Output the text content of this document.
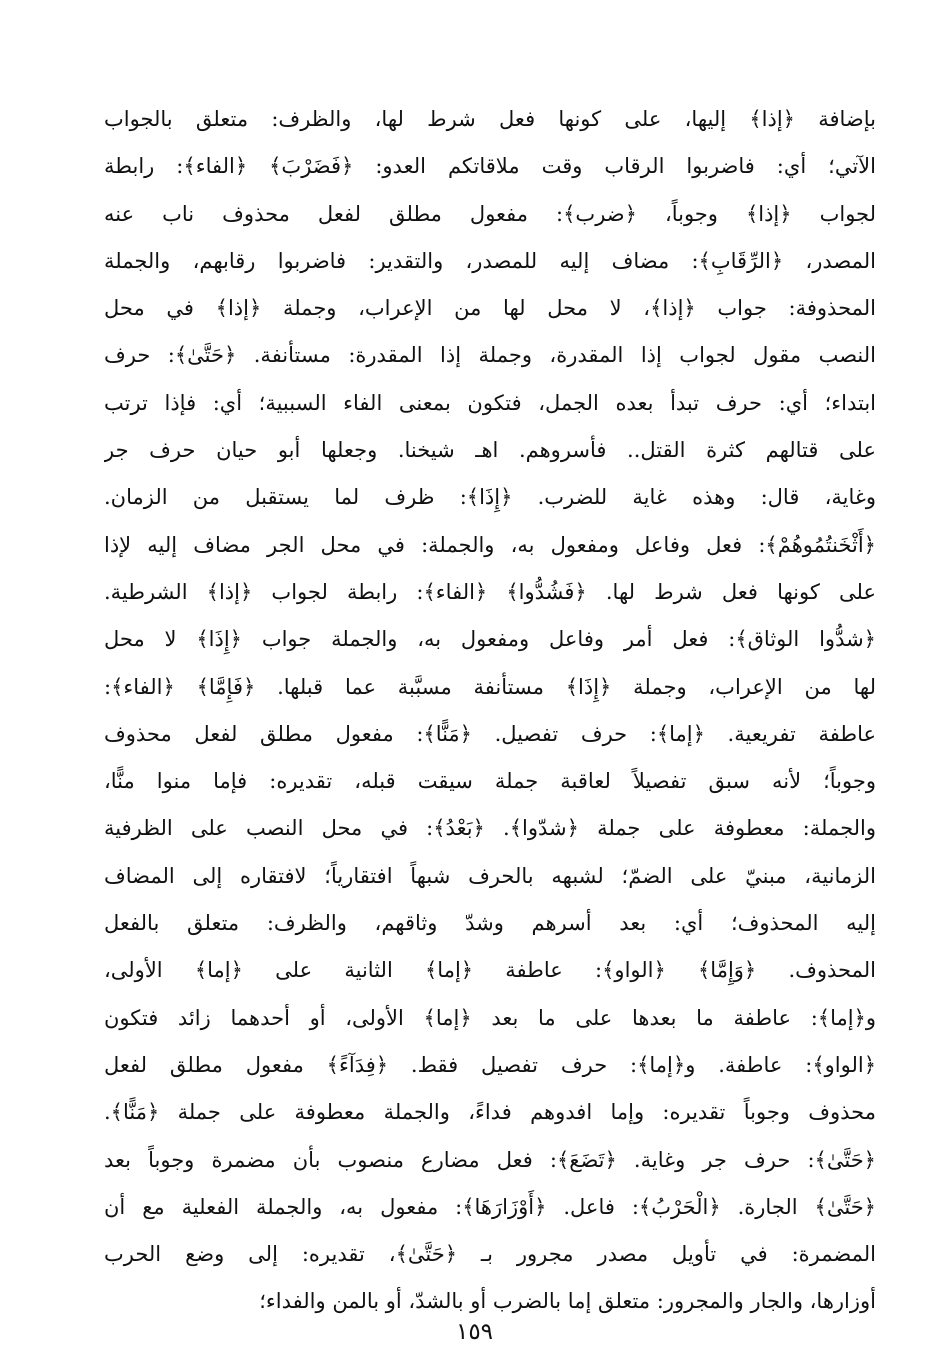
بإضافة ﴿إذا﴾ إليها، على كونها فعل شرط لها، والظرف: متعلق بالجواب
الآتي؛ أي: فاضربوا الرقاب وقت ملاقاتكم العدو: ﴿فَضَرْبَ﴾ ﴿الفاء﴾: رابطة
لجواب ﴿إذا﴾ وجوباً، ﴿ضرب﴾: مفعول مطلق لفعل محذوف ناب عنه
المصدر، ﴿الرِّقَابِ﴾: مضاف إليه للمصدر، والتقدير: فاضربوا رقابهم، والجملة
المحذوفة: جواب ﴿إذا﴾، لا محل لها من الإعراب، وجملة ﴿إذا﴾ في محل
النصب مقول لجواب إذا المقدرة، وجملة إذا المقدرة: مستأنفة. ﴿حَتَّىٰ﴾: حرف
ابتداء؛ أي: حرف تبدأ بعده الجمل، فتكون بمعنى الفاء السببية؛ أي: فإذا ترتب
على قتالهم كثرة القتل.. فأسروهم. اهـ شيخنا. وجعلها أبو حيان حرف جر
وغاية، قال: وهذه غاية للضرب. ﴿إِذَا﴾: ظرف لما يستقبل من الزمان.
﴿أَثْخَنتُمُوهُمْ﴾: فعل وفاعل ومفعول به، والجملة: في محل الجر مضاف إليه لإذا
على كونها فعل شرط لها. ﴿فَشُدُّوا﴾ ﴿الفاء﴾: رابطة لجواب ﴿إذا﴾ الشرطية.
﴿شدُّوا الوثاق﴾: فعل أمر وفاعل ومفعول به، والجملة جواب ﴿إِذَا﴾ لا محل
لها من الإعراب، وجملة ﴿إِذَا﴾ مستأنفة مسبَّبة عما قبلها. ﴿فَإِمَّا﴾ ﴿الفاء﴾:
عاطفة تفريعية. ﴿إما﴾: حرف تفصيل. ﴿مَنًّا﴾: مفعول مطلق لفعل محذوف
وجوباً؛ لأنه سبق تفصيلاً لعاقبة جملة سيقت قبله، تقديره: فإما منوا منًّا،
والجملة: معطوفة على جملة ﴿شدّوا﴾. ﴿بَعْدُ﴾: في محل النصب على الظرفية
الزمانية، مبنيّ على الضمّ؛ لشبهه بالحرف شبهاً افتقارياً؛ لافتقاره إلى المضاف
إليه المحذوف؛ أي: بعد أسرهم وشدّ وثاقهم، والظرف: متعلق بالفعل
المحذوف. ﴿وَإِمَّا﴾ ﴿الواو﴾: عاطفة ﴿إما﴾ الثانية على ﴿إما﴾ الأولى،
و﴿إما﴾: عاطفة ما بعدها على ما بعد ﴿إما﴾ الأولى، أو أحدهما زائد فتكون
﴿الواو﴾: عاطفة. و﴿إما﴾: حرف تفصيل فقط. ﴿فِدَآءً﴾ مفعول مطلق لفعل
محذوف وجوباً تقديره: وإما افدوهم فداءً، والجملة معطوفة على جملة ﴿مَنًّا﴾.
﴿حَتَّىٰ﴾: حرف جر وغاية. ﴿تَضَعَ﴾: فعل مضارع منصوب بأن مضمرة وجوباً بعد
﴿حَتَّىٰ﴾ الجارة. ﴿الْحَرْبُ﴾: فاعل. ﴿أَوْزَارَهَا﴾: مفعول به، والجملة الفعلية مع أن
المضمرة: في تأويل مصدر مجرور بـ ﴿حَتَّىٰ﴾، تقديره: إلى وضع الحرب
أوزارها، والجار والمجرور: متعلق إما بالضرب أو بالشدّ، أو بالمن والفداء؛
١٥٩
